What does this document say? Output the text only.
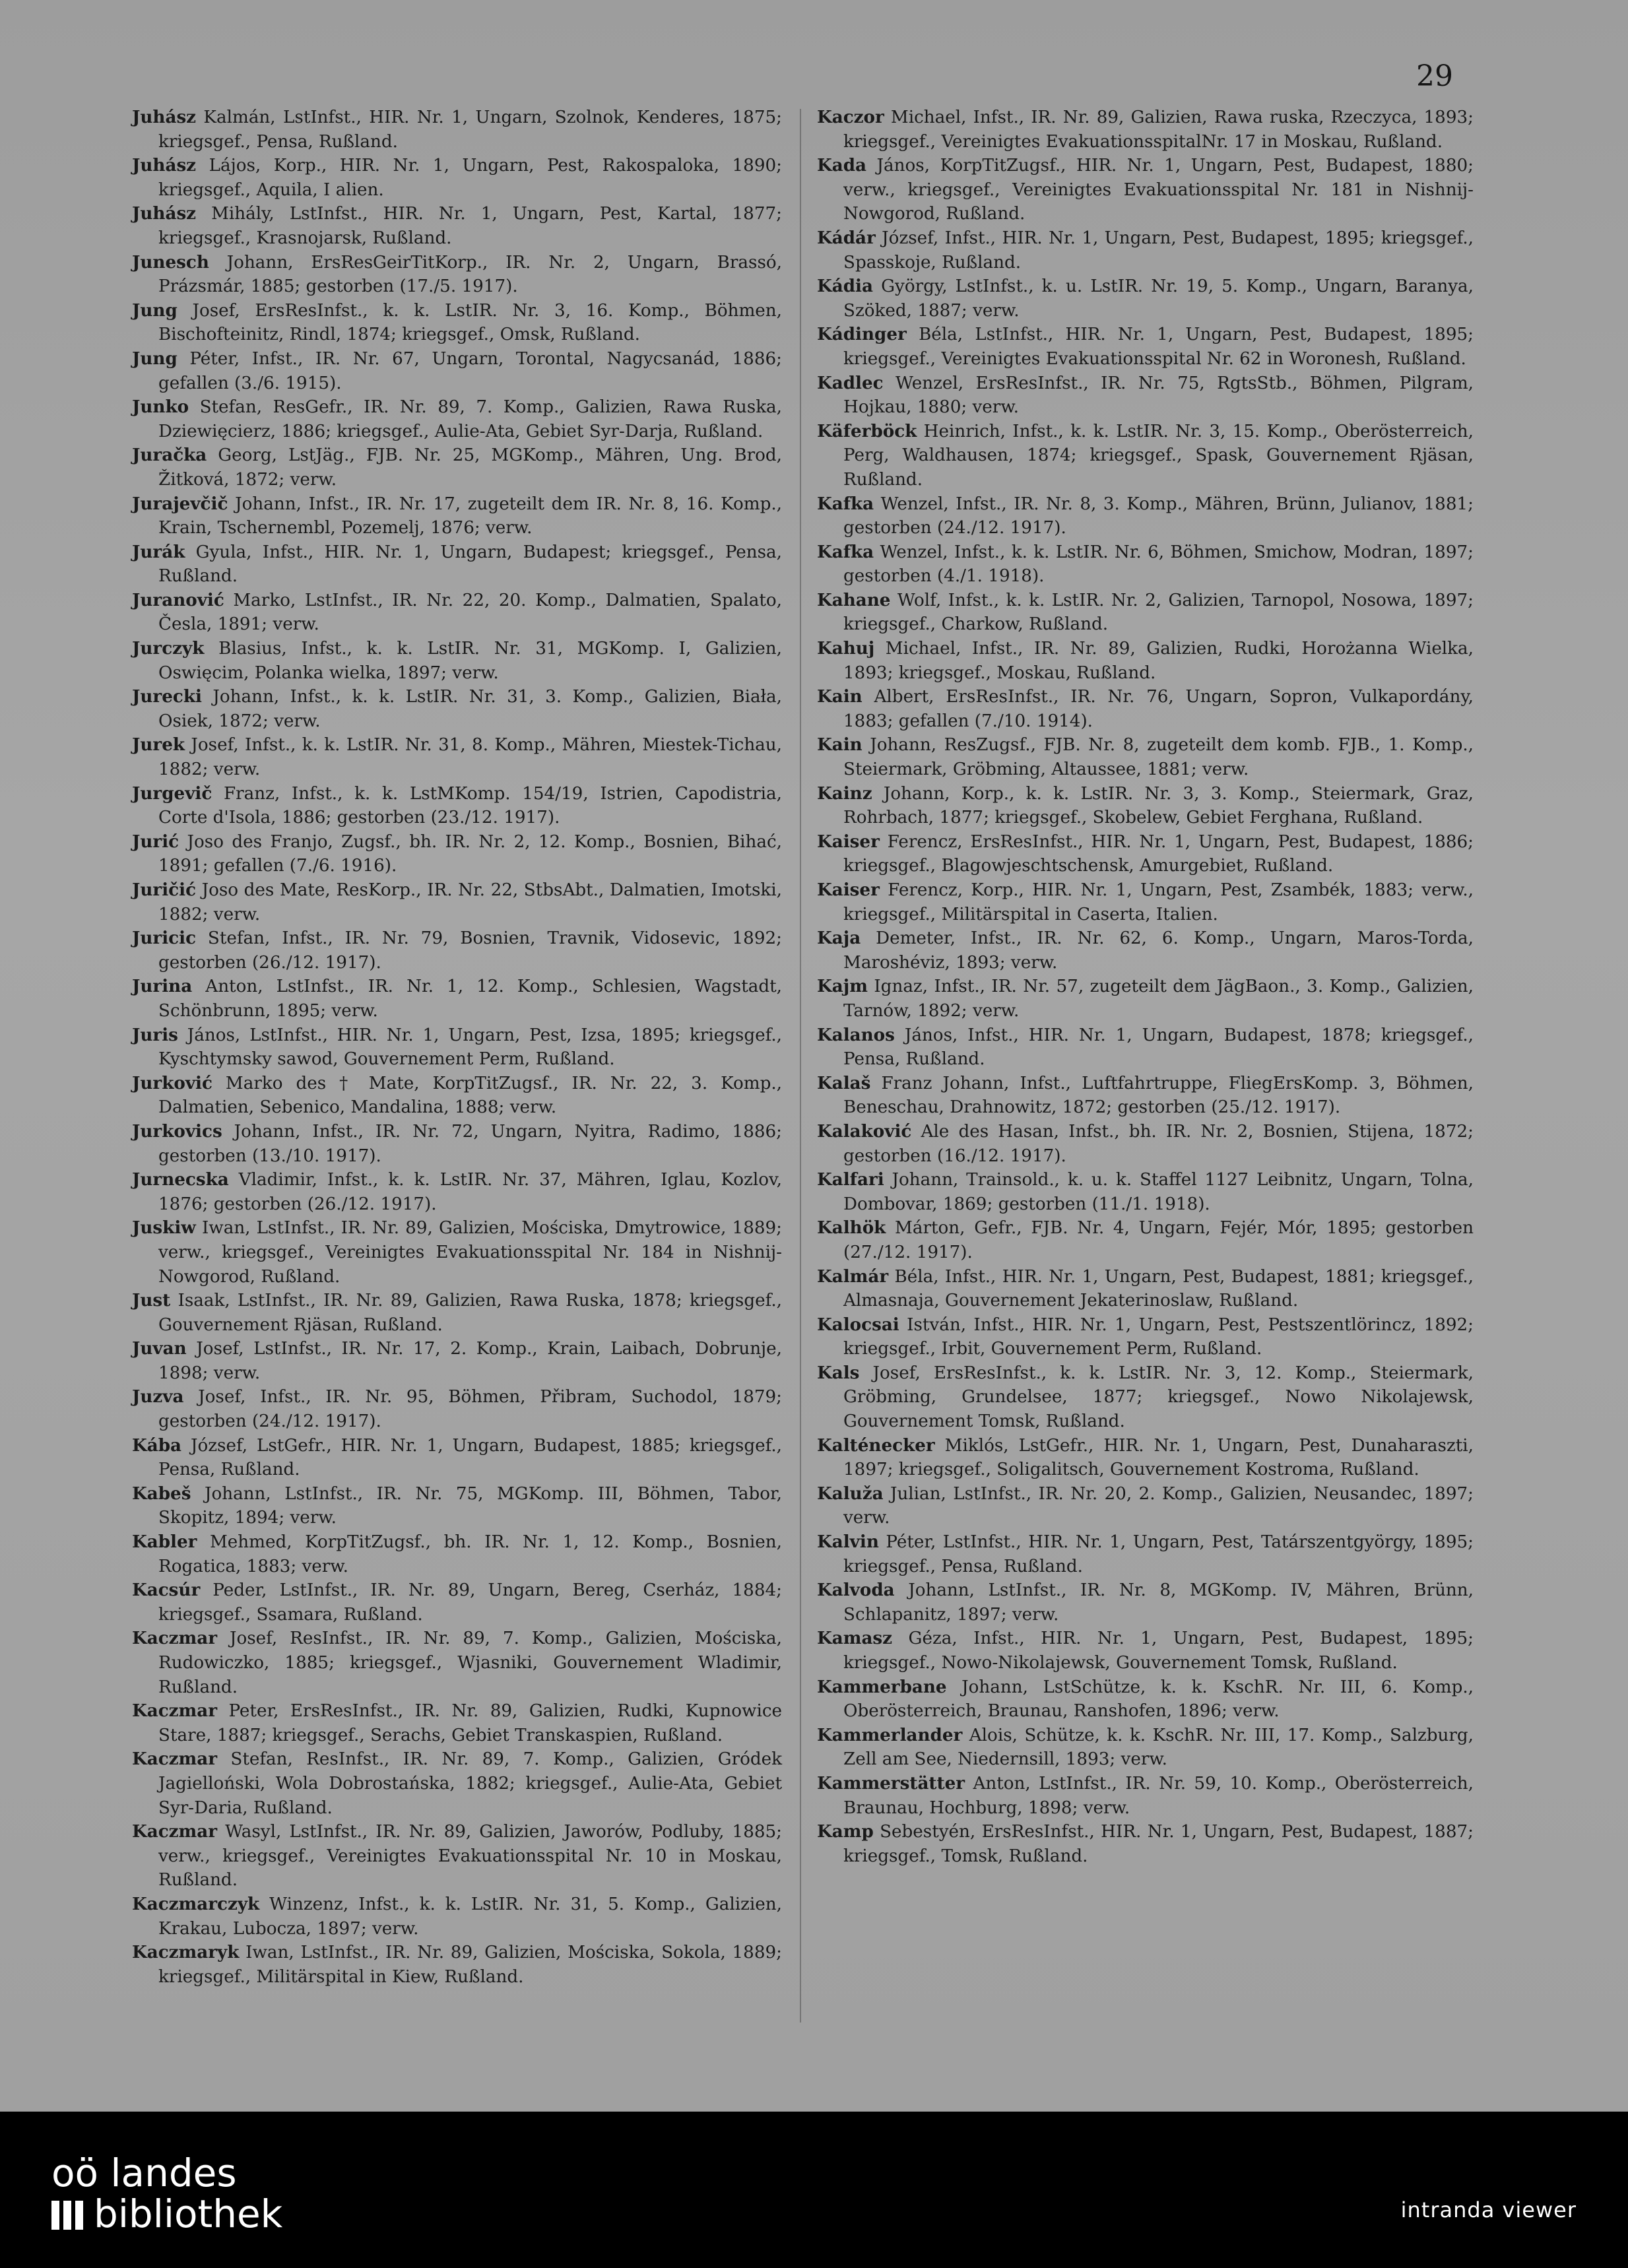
29

Juhász Kalmán, LstInfst., HIR. Nr. 1, Ungarn, Szolnok, Kenderes, 1875; kriegsgef., Pensa, Rußland.

Juhász Lájos, Korp., HIR. Nr. 1, Ungarn, Pest, Rakospaloka, 1890; kriegsgef., Aquila, I alien.

Juhász Mihály, LstInfst., HIR. Nr. 1, Ungarn, Pest, Kartal, 1877; kriegsgef., Krasnojarsk, Rußland.

Junesch Johann, ErsResGeirTitKorp., IR. Nr. 2, Ungarn, Brassó, Prázsmár, 1885; gestorben (17./5. 1917).

Jung Josef, ErsResInfst., k. k. LstIR. Nr. 3, 16. Komp., Böhmen, Bischofteinitz, Rindl, 1874; kriegsgef., Omsk, Rußland.

Jung Péter, Infst., IR. Nr. 67, Ungarn, Torontal, Nagycsanád, 1886; gefallen (3./6. 1915).

Junko Stefan, ResGefr., IR. Nr. 89, 7. Komp., Galizien, Rawa Ruska, Dziewięcierz, 1886; kriegsgef., Aulie-Ata, Gebiet Syr-Darja, Rußland.

Juračka Georg, LstJäg., FJB. Nr. 25, MGKomp., Mähren, Ung. Brod, Žitková, 1872; verw.

Jurajevčič Johann, Infst., IR. Nr. 17, zugeteilt dem IR. Nr. 8, 16. Komp., Krain, Tschernembl, Pozemelj, 1876; verw.

Jurák Gyula, Infst., HIR. Nr. 1, Ungarn, Budapest; kriegsgef., Pensa, Rußland.

Juranović Marko, LstInfst., IR. Nr. 22, 20. Komp., Dalmatien, Spalato, Česla, 1891; verw.

Jurczyk Blasius, Infst., k. k. LstIR. Nr. 31, MGKomp. I, Galizien, Oswięcim, Polanka wielka, 1897; verw.

Jurecki Johann, Infst., k. k. LstIR. Nr. 31, 3. Komp., Galizien, Biała, Osiek, 1872; verw.

Jurek Josef, Infst., k. k. LstIR. Nr. 31, 8. Komp., Mähren, Miestek-Tichau, 1882; verw.

Jurgevič Franz, Infst., k. k. LstMKomp. 154/19, Istrien, Capodistria, Corte d'Isola, 1886; gestorben (23./12. 1917).

Jurić Joso des Franjo, Zugsf., bh. IR. Nr. 2, 12. Komp., Bosnien, Bihać, 1891; gefallen (7./6. 1916).

Juričić Joso des Mate, ResKorp., IR. Nr. 22, StbsAbt., Dalmatien, Imotski, 1882; verw.

Juricic Stefan, Infst., IR. Nr. 79, Bosnien, Travnik, Vidosevic, 1892; gestorben (26./12. 1917).

Jurina Anton, LstInfst., IR. Nr. 1, 12. Komp., Schlesien, Wagstadt, Schönbrunn, 1895; verw.

Juris János, LstInfst., HIR. Nr. 1, Ungarn, Pest, Izsa, 1895; kriegsgef., Kyschtymsky sawod, Gouvernement Perm, Rußland.

Jurković Marko des † Mate, KorpTitZugsf., IR. Nr. 22, 3. Komp., Dalmatien, Sebenico, Mandalina, 1888; verw.

Jurkovics Johann, Infst., IR. Nr. 72, Ungarn, Nyitra, Radimo, 1886; gestorben (13./10. 1917).

Jurnecska Vladimir, Infst., k. k. LstIR. Nr. 37, Mähren, Iglau, Kozlov, 1876; gestorben (26./12. 1917).

Juskiw Iwan, LstInfst., IR. Nr. 89, Galizien, Mościska, Dmytrowice, 1889; verw., kriegsgef., Vereinigtes Evakuationsspital Nr. 184 in Nishnij-Nowgorod, Rußland.

Just Isaak, LstInfst., IR. Nr. 89, Galizien, Rawa Ruska, 1878; kriegsgef., Gouvernement Rjäsan, Rußland.

Juvan Josef, LstInfst., IR. Nr. 17, 2. Komp., Krain, Laibach, Dobrunje, 1898; verw.

Juzva Josef, Infst., IR. Nr. 95, Böhmen, Přibram, Suchodol, 1879; gestorben (24./12. 1917).

Kába József, LstGefr., HIR. Nr. 1, Ungarn, Budapest, 1885; kriegsgef., Pensa, Rußland.

Kabeš Johann, LstInfst., IR. Nr. 75, MGKomp. III, Böhmen, Tabor, Skopitz, 1894; verw.

Kabler Mehmed, KorpTitZugsf., bh. IR. Nr. 1, 12. Komp., Bosnien, Rogatica, 1883; verw.

Kacsúr Peder, LstInfst., IR. Nr. 89, Ungarn, Bereg, Cserház, 1884; kriegsgef., Ssamara, Rußland.

Kaczmar Josef, ResInfst., IR. Nr. 89, 7. Komp., Galizien, Mościska, Rudowiczko, 1885; kriegsgef., Wjasniki, Gouvernement Wladimir, Rußland.

Kaczmar Peter, ErsResInfst., IR. Nr. 89, Galizien, Rudki, Kupnowice Stare, 1887; kriegsgef., Serachs, Gebiet Transkaspien, Rußland.

Kaczmar Stefan, ResInfst., IR. Nr. 89, 7. Komp., Galizien, Gródek Jagielloński, Wola Dobrostańska, 1882; kriegsgef., Aulie-Ata, Gebiet Syr-Daria, Rußland.

Kaczmar Wasyl, LstInfst., IR. Nr. 89, Galizien, Jaworów, Podluby, 1885; verw., kriegsgef., Vereinigtes Evakuationsspital Nr. 10 in Moskau, Rußland.

Kaczmarczyk Winzenz, Infst., k. k. LstIR. Nr. 31, 5. Komp., Galizien, Krakau, Lubocza, 1897; verw.

Kaczmaryk Iwan, LstInfst., IR. Nr. 89, Galizien, Mościska, Sokola, 1889; kriegsgef., Militärspital in Kiew, Rußland.

Kaczor Michael, Infst., IR. Nr. 89, Galizien, Rawa ruska, Rzeczyca, 1893; kriegsgef., Vereinigtes EvakuationsspitalNr. 17 in Moskau, Rußland.

Kada János, KorpTitZugsf., HIR. Nr. 1, Ungarn, Pest, Budapest, 1880; verw., kriegsgef., Vereinigtes Evakuationsspital Nr. 181 in Nishnij-Nowgorod, Rußland.

Kádár József, Infst., HIR. Nr. 1, Ungarn, Pest, Budapest, 1895; kriegsgef., Spasskoje, Rußland.

Kádia György, LstInfst., k. u. LstIR. Nr. 19, 5. Komp., Ungarn, Baranya, Szöked, 1887; verw.

Kádinger Béla, LstInfst., HIR. Nr. 1, Ungarn, Pest, Budapest, 1895; kriegsgef., Vereinigtes Evakuationsspital Nr. 62 in Woronesh, Rußland.

Kadlec Wenzel, ErsResInfst., IR. Nr. 75, RgtsStb., Böhmen, Pilgram, Hojkau, 1880; verw.

Käferböck Heinrich, Infst., k. k. LstIR. Nr. 3, 15. Komp., Oberösterreich, Perg, Waldhausen, 1874; kriegsgef., Spask, Gouvernement Rjäsan, Rußland.

Kafka Wenzel, Infst., IR. Nr. 8, 3. Komp., Mähren, Brünn, Julianov, 1881; gestorben (24./12. 1917).

Kafka Wenzel, Infst., k. k. LstIR. Nr. 6, Böhmen, Smichow, Modran, 1897; gestorben (4./1. 1918).

Kahane Wolf, Infst., k. k. LstIR. Nr. 2, Galizien, Tarnopol, Nosowa, 1897; kriegsgef., Charkow, Rußland.

Kahuj Michael, Infst., IR. Nr. 89, Galizien, Rudki, Horożanna Wielka, 1893; kriegsgef., Moskau, Rußland.

Kain Albert, ErsResInfst., IR. Nr. 76, Ungarn, Sopron, Vulkapordány, 1883; gefallen (7./10. 1914).

Kain Johann, ResZugsf., FJB. Nr. 8, zugeteilt dem komb. FJB., 1. Komp., Steiermark, Gröbming, Altaussee, 1881; verw.

Kainz Johann, Korp., k. k. LstIR. Nr. 3, 3. Komp., Steiermark, Graz, Rohrbach, 1877; kriegsgef., Skobelew, Gebiet Ferghana, Rußland.

Kaiser Ferencz, ErsResInfst., HIR. Nr. 1, Ungarn, Pest, Budapest, 1886; kriegsgef., Blagowjeschtschensk, Amurgebiet, Rußland.

Kaiser Ferencz, Korp., HIR. Nr. 1, Ungarn, Pest, Zsambék, 1883; verw., kriegsgef., Militärspital in Caserta, Italien.

Kaja Demeter, Infst., IR. Nr. 62, 6. Komp., Ungarn, Maros-Torda, Maroshéviz, 1893; verw.

Kajm Ignaz, Infst., IR. Nr. 57, zugeteilt dem JägBaon., 3. Komp., Galizien, Tarnów, 1892; verw.

Kalanos János, Infst., HIR. Nr. 1, Ungarn, Budapest, 1878; kriegsgef., Pensa, Rußland.

Kalaš Franz Johann, Infst., Luftfahrtruppe, FliegErsKomp. 3, Böhmen, Beneschau, Drahnowitz, 1872; gestorben (25./12. 1917).

Kalaković Ale des Hasan, Infst., bh. IR. Nr. 2, Bosnien, Stijena, 1872; gestorben (16./12. 1917).

Kalfari Johann, Trainsold., k. u. k. Staffel 1127 Leibnitz, Ungarn, Tolna, Dombovar, 1869; gestorben (11./1. 1918).

Kalhök Márton, Gefr., FJB. Nr. 4, Ungarn, Fejér, Mór, 1895; gestorben (27./12. 1917).

Kalmár Béla, Infst., HIR. Nr. 1, Ungarn, Pest, Budapest, 1881; kriegsgef., Almasnaja, Gouvernement Jekaterinoslaw, Rußland.

Kalocsai István, Infst., HIR. Nr. 1, Ungarn, Pest, Pestszentlörincz, 1892; kriegsgef., Irbit, Gouvernement Perm, Rußland.

Kals Josef, ErsResInfst., k. k. LstIR. Nr. 3, 12. Komp., Steiermark, Gröbming, Grundelsee, 1877; kriegsgef., Nowo Nikolajewsk, Gouvernement Tomsk, Rußland.

Kalténecker Miklós, LstGefr., HIR. Nr. 1, Ungarn, Pest, Dunaharaszti, 1897; kriegsgef., Soligalitsch, Gouvernement Kostroma, Rußland.

Kaluža Julian, LstInfst., IR. Nr. 20, 2. Komp., Galizien, Neusandec, 1897; verw.

Kalvin Péter, LstInfst., HIR. Nr. 1, Ungarn, Pest, Tatárszentgyörgy, 1895; kriegsgef., Pensa, Rußland.

Kalvoda Johann, LstInfst., IR. Nr. 8, MGKomp. IV, Mähren, Brünn, Schlapanitz, 1897; verw.

Kamasz Géza, Infst., HIR. Nr. 1, Ungarn, Pest, Budapest, 1895; kriegsgef., Nowo-Nikolajewsk, Gouvernement Tomsk, Rußland.

Kammerbane Johann, LstSchütze, k. k. KschR. Nr. III, 6. Komp., Oberösterreich, Braunau, Ranshofen, 1896; verw.

Kammerlander Alois, Schütze, k. k. KschR. Nr. III, 17. Komp., Salzburg, Zell am See, Niedernsill, 1893; verw.

Kammerstätter Anton, LstInfst., IR. Nr. 59, 10. Komp., Oberösterreich, Braunau, Hochburg, 1898; verw.

Kamp Sebestyén, ErsResInfst., HIR. Nr. 1, Ungarn, Pest, Budapest, 1887; kriegsgef., Tomsk, Rußland.

oö landes
bibliothek	intranda viewer
